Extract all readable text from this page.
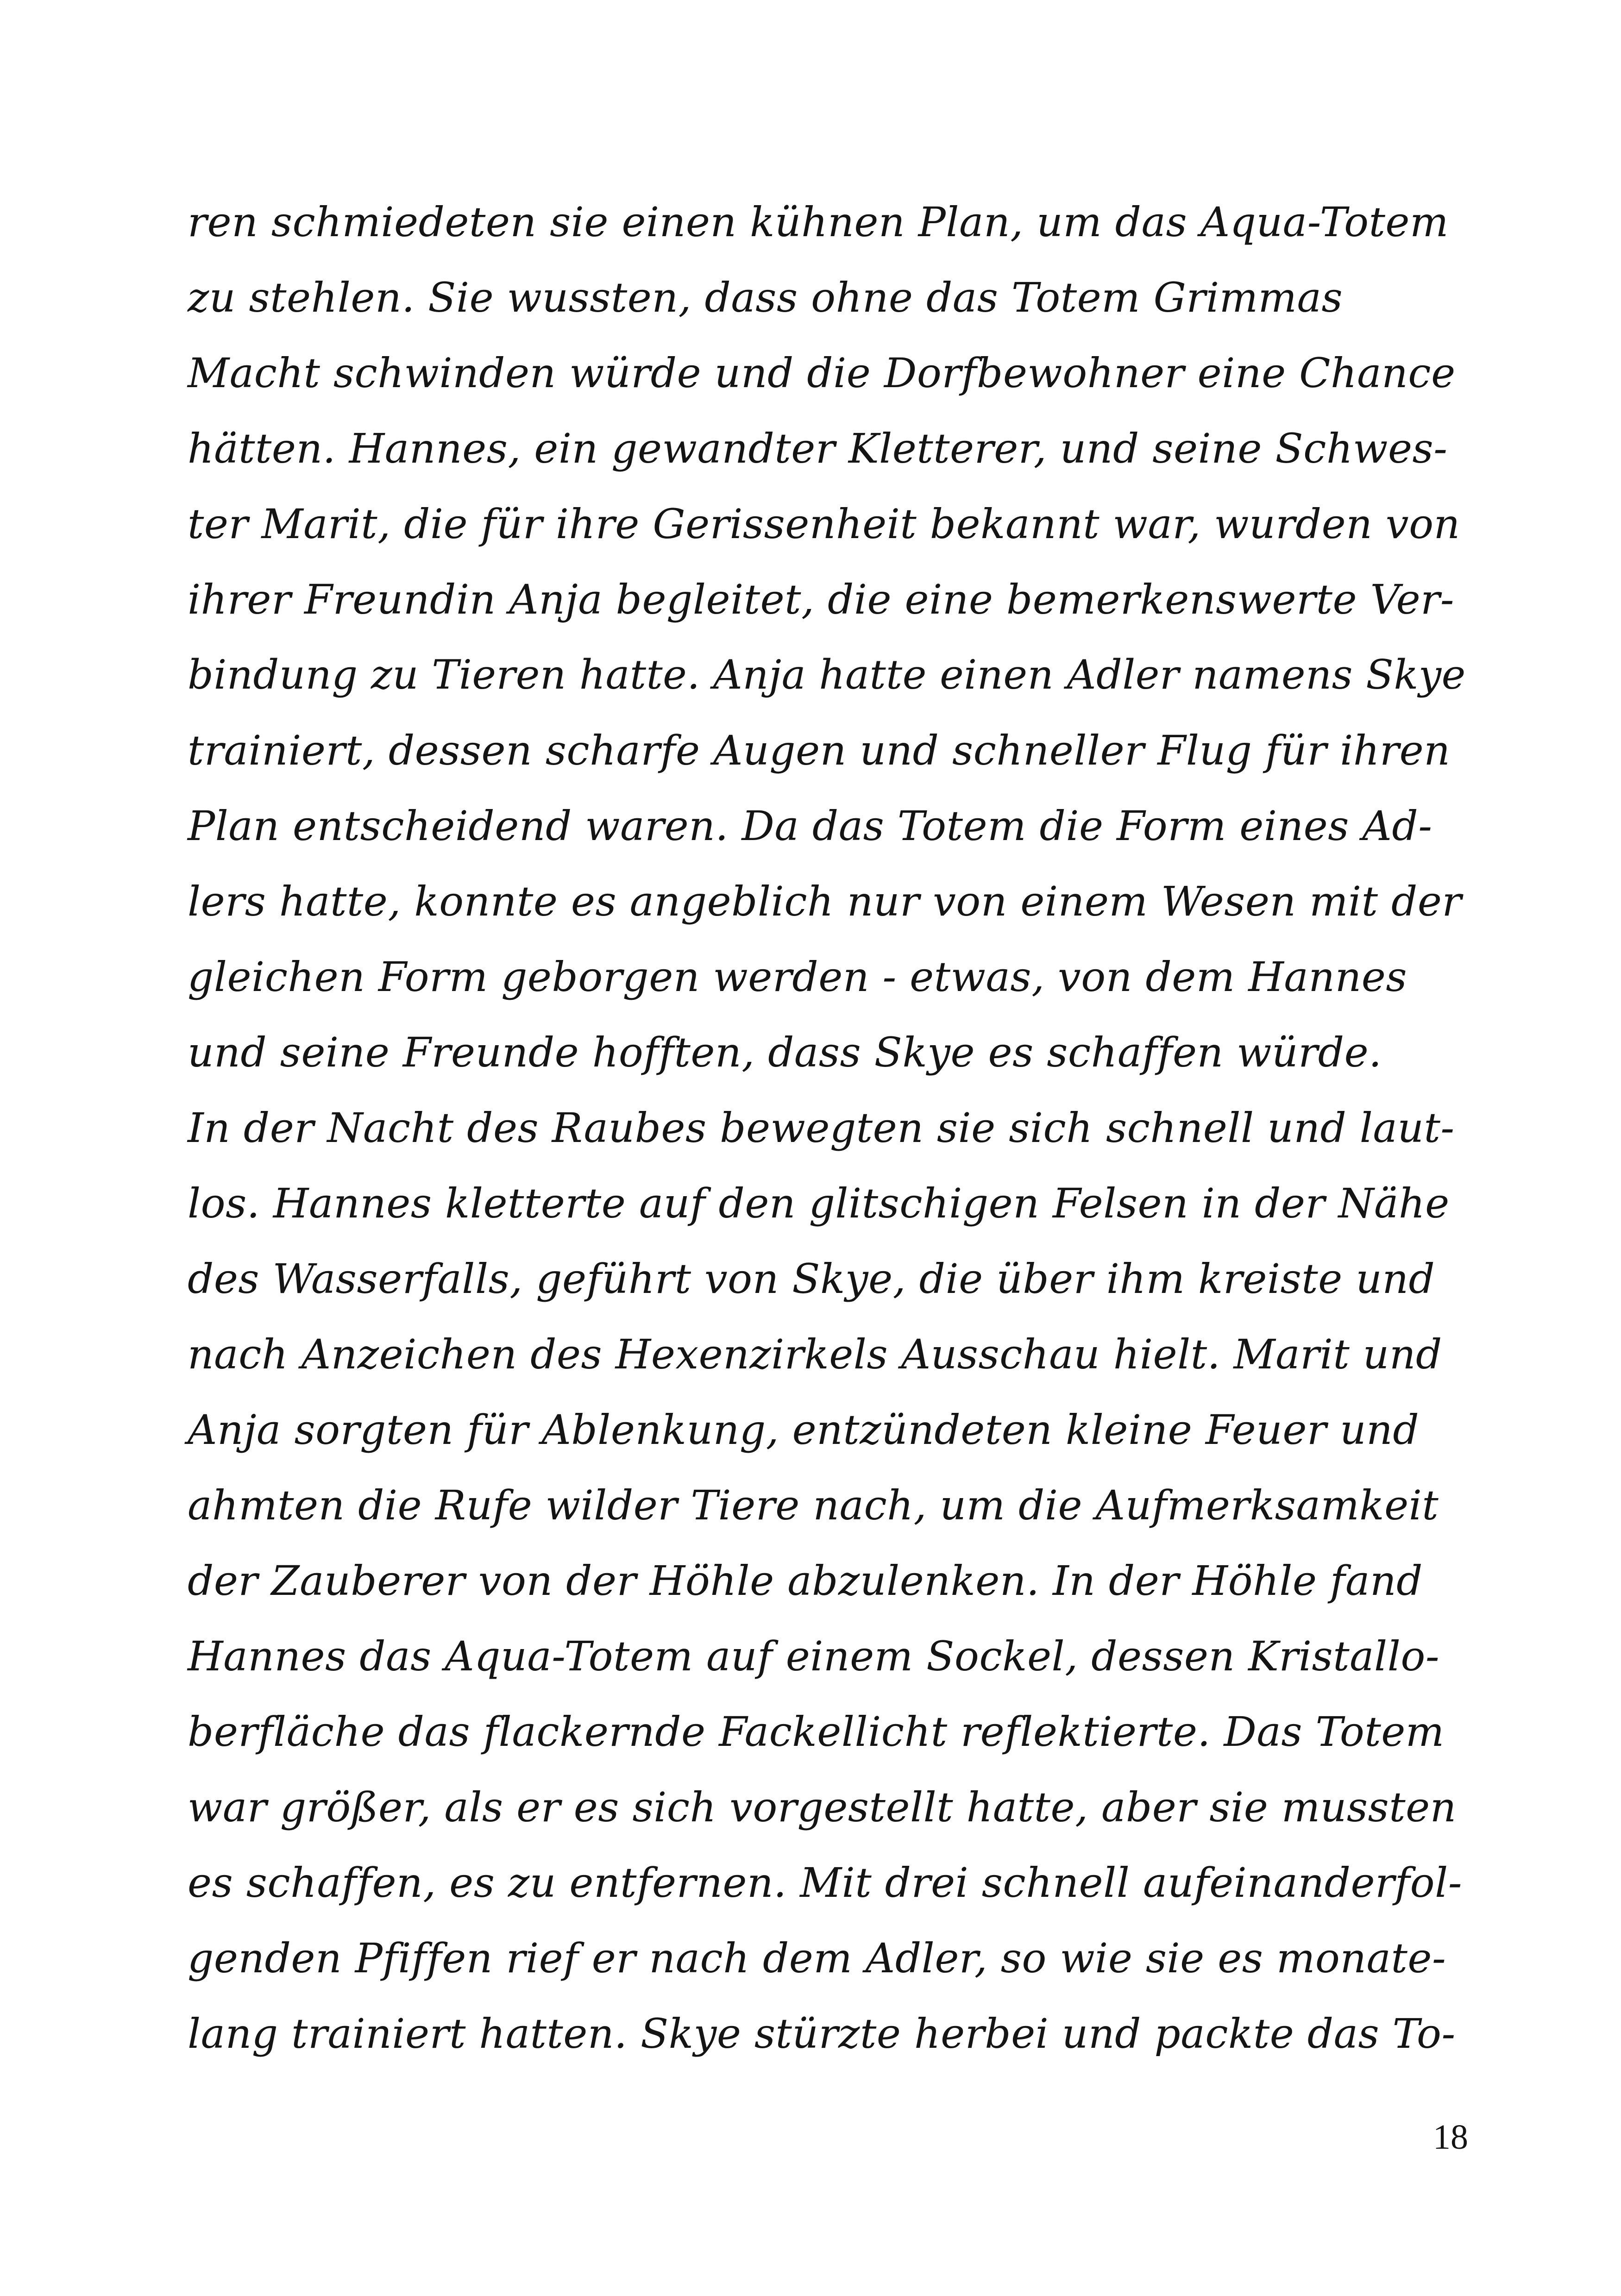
ren schmiedeten sie einen kühnen Plan, um das Aqua-Totem
zu stehlen. Sie wussten, dass ohne das Totem Grimmas
Macht schwinden würde und die Dorfbewohner eine Chance
hätten. Hannes, ein gewandter Kletterer, und seine Schwes-
ter Marit, die für ihre Gerissenheit bekannt war, wurden von
ihrer Freundin Anja begleitet, die eine bemerkenswerte Ver-
bindung zu Tieren hatte. Anja hatte einen Adler namens Skye
trainiert, dessen scharfe Augen und schneller Flug für ihren
Plan entscheidend waren. Da das Totem die Form eines Ad-
lers hatte, konnte es angeblich nur von einem Wesen mit der
gleichen Form geborgen werden - etwas, von dem Hannes
und seine Freunde hofften, dass Skye es schaffen würde.
In der Nacht des Raubes bewegten sie sich schnell und laut-
los. Hannes kletterte auf den glitschigen Felsen in der Nähe
des Wasserfalls, geführt von Skye, die über ihm kreiste und
nach Anzeichen des Hexenzirkels Ausschau hielt. Marit und
Anja sorgten für Ablenkung, entzündeten kleine Feuer und
ahmten die Rufe wilder Tiere nach, um die Aufmerksamkeit
der Zauberer von der Höhle abzulenken. In der Höhle fand
Hannes das Aqua-Totem auf einem Sockel, dessen Kristallo-
berfläche das flackernde Fackellicht reflektierte. Das Totem
war größer, als er es sich vorgestellt hatte, aber sie mussten
es schaffen, es zu entfernen. Mit drei schnell aufeinanderfol-
genden Pfiffen rief er nach dem Adler, so wie sie es monate-
lang trainiert hatten. Skye stürzte herbei und packte das To-
18
